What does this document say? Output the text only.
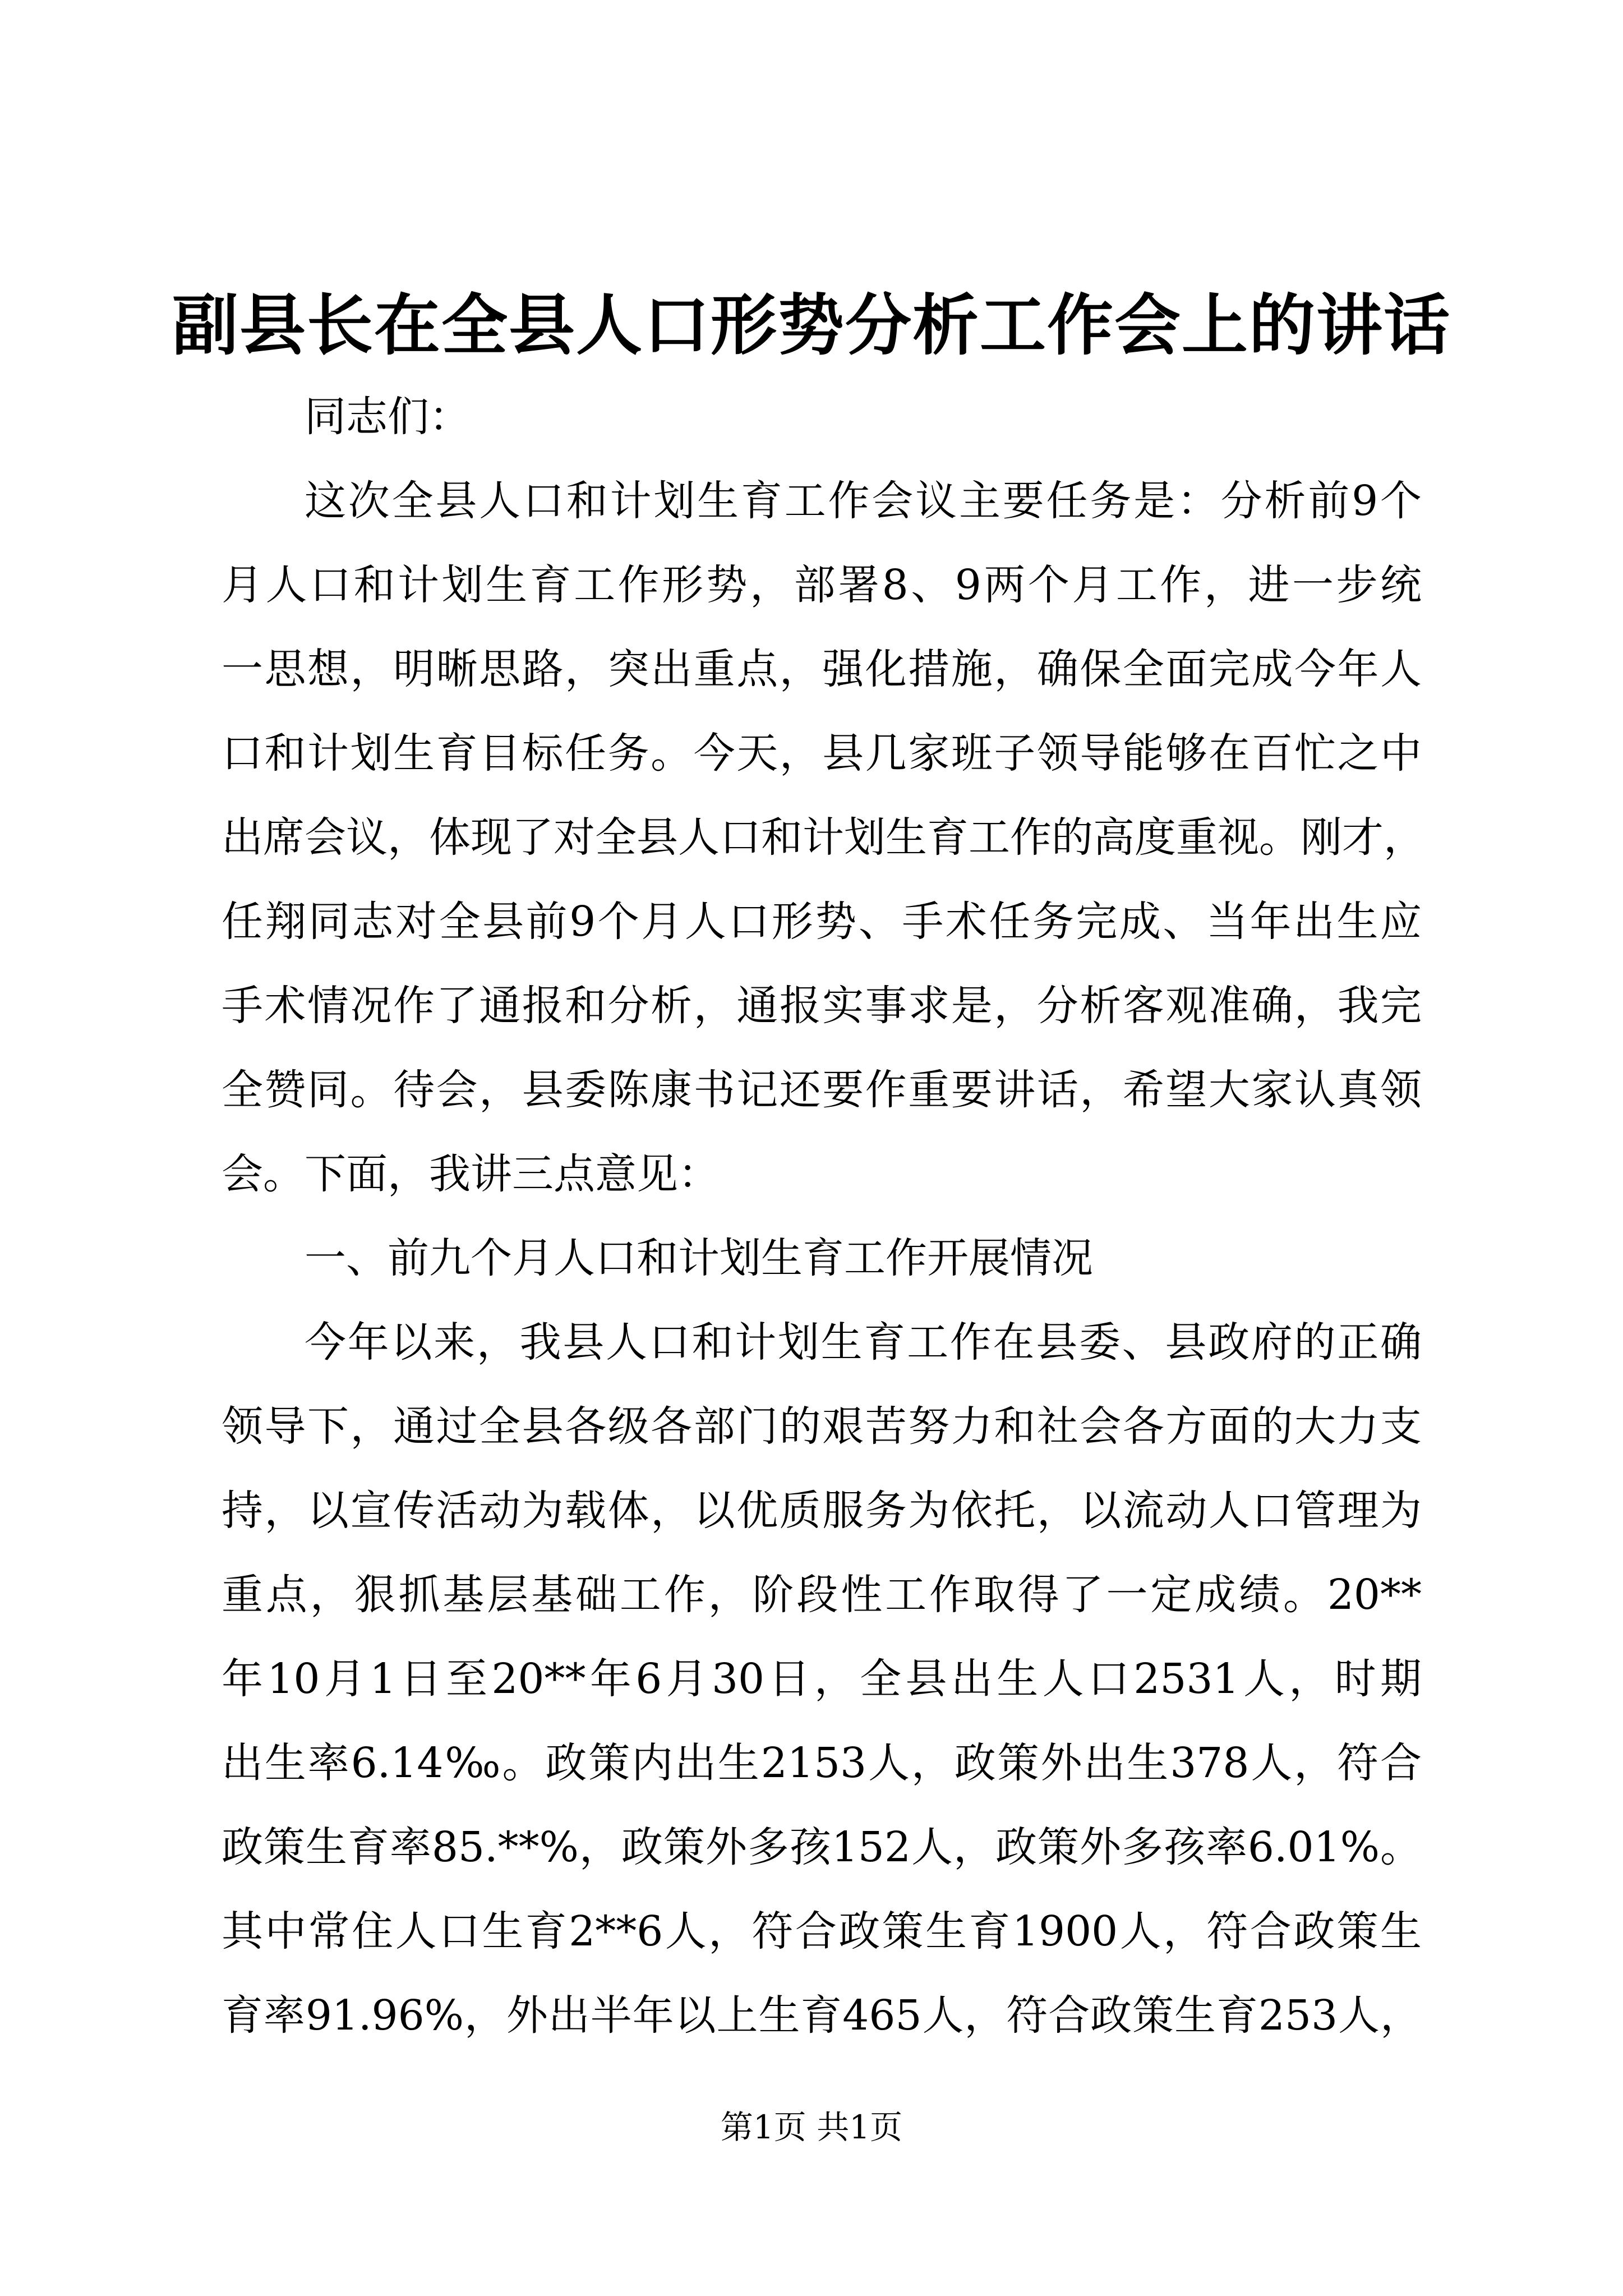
副县长在全县人口形势分析工作会上的讲话
同志们：
这次全县人口和计划生育工作会议主要任务是：分析前9个
月人口和计划生育工作形势，部署8、9两个月工作，进一步统
一思想，明晰思路，突出重点，强化措施，确保全面完成今年人
口和计划生育目标任务。今天，县几家班子领导能够在百忙之中
出席会议，体现了对全县人口和计划生育工作的高度重视。刚才，
任翔同志对全县前9个月人口形势、手术任务完成、当年出生应
手术情况作了通报和分析，通报实事求是，分析客观准确，我完
全赞同。待会，县委陈康书记还要作重要讲话，希望大家认真领
会。下面，我讲三点意见：
一、前九个月人口和计划生育工作开展情况
今年以来，我县人口和计划生育工作在县委、县政府的正确
领导下，通过全县各级各部门的艰苦努力和社会各方面的大力支
持，以宣传活动为载体，以优质服务为依托，以流动人口管理为
重点，狠抓基层基础工作，阶段性工作取得了一定成绩。20**
年10月1日至20**年6月30日，全县出生人口2531人，时期
出生率6.14‰。政策内出生2153人，政策外出生378人，符合
政策生育率85.**%，政策外多孩152人，政策外多孩率6.01%。
其中常住人口生育2**6人，符合政策生育1900人，符合政策生
育率91.96%，外出半年以上生育465人，符合政策生育253人，
第1页 共1页
